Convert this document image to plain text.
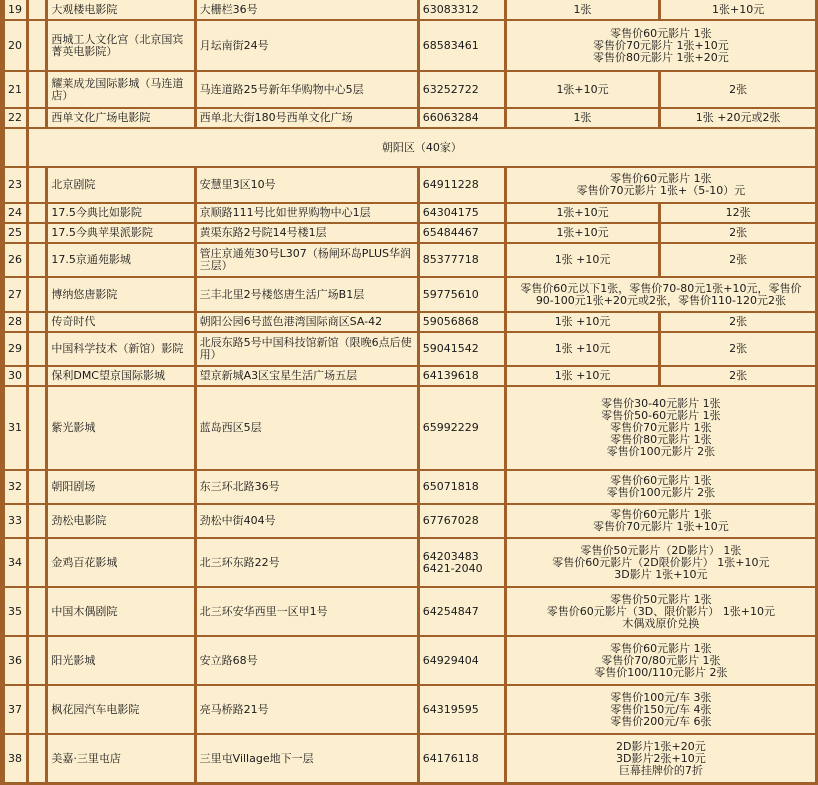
19		大观楼电影院	大栅栏36号	63083312	1张	1张+10元
20		西城工人文化宫（北京国宾菁英电影院）	月坛南街24号	68583461	零售价60元影片 1张
零售价70元影片 1张+10元
零售价80元影片 1张+20元	

21		耀莱成龙国际影城（马连道店）	马连道路25号新年华购物中心5层	63252722	1张+10元	2张
22		西单文化广场电影院	西单北大街180号西单文化广场	66063284	1张	1张 +20元或2张
	朝阳区（40家）					
23		北京剧院	安慧里3区10号	64911228	零售价60元影片 1张
零售价70元影片 1张+（5-10）元	

24		17.5今典比如影院	京顺路111号比如世界购物中心1层	64304175	1张+10元	12张
25		17.5今典苹果派影院	黄渠东路2号院14号楼1层	65484467	1张+10元	2张
26		17.5京通苑影城	管庄京通苑30号L307（杨闸环岛PLUS华润三层）	85377718	1张 +10元	2张
27		博纳悠唐影院	三丰北里2号楼悠唐生活广场B1层	59775610	零售价60元以下1张，零售价70-80元1张+10元，零售价
90-100元1张+20元或2张，零售价110-120元2张	

28		传奇时代	朝阳公园6号蓝色港湾国际商区SA-42	59056868	1张 +10元	2张
29		中国科学技术（新馆）影院	北辰东路5号中国科技馆新馆（限晚6点后使用）	59041542	1张 +10元	2张
30		保利DMC望京国际影城	望京新城A3区宝星生活广场五层	64139618	1张 +10元	2张
31		紫光影城	蓝岛西区5层	65992229	零售价30-40元影片 1张
零售价50-60元影片 1张
零售价70元影片 1张
零售价80元影片 1张
零售价100元影片 2张	

32		朝阳剧场	东三环北路36号	65071818	零售价60元影片 1张
零售价100元影片 2张	

33		劲松电影院	劲松中街404号	67767028	零售价60元影片 1张
零售价70元影片 1张+10元	

34		金鸡百花影城	北三环东路22号	64203483
6421-2040	零售价50元影片（2D影片） 1张
零售价60元影片（2D限价影片） 1张+10元
3D影片 1张+10元	

35		中国木偶剧院	北三环安华西里一区甲1号	64254847	零售价50元影片 1张
零售价60元影片（3D、限价影片） 1张+10元
木偶戏原价兑换	

36		阳光影城	安立路68号	64929404	零售价60元影片 1张
零售价70/80元影片 1张
零售价100/110元影片 2张	

37		枫花园汽车电影院	亮马桥路21号	64319595	零售价100元/车 3张
零售价150元/车 4张
零售价200元/车 6张	

38		美嘉·三里屯店	三里屯Village地下一层	64176118	2D影片1张+20元
3D影片2张+10元
巨幕挂牌价的7折	
